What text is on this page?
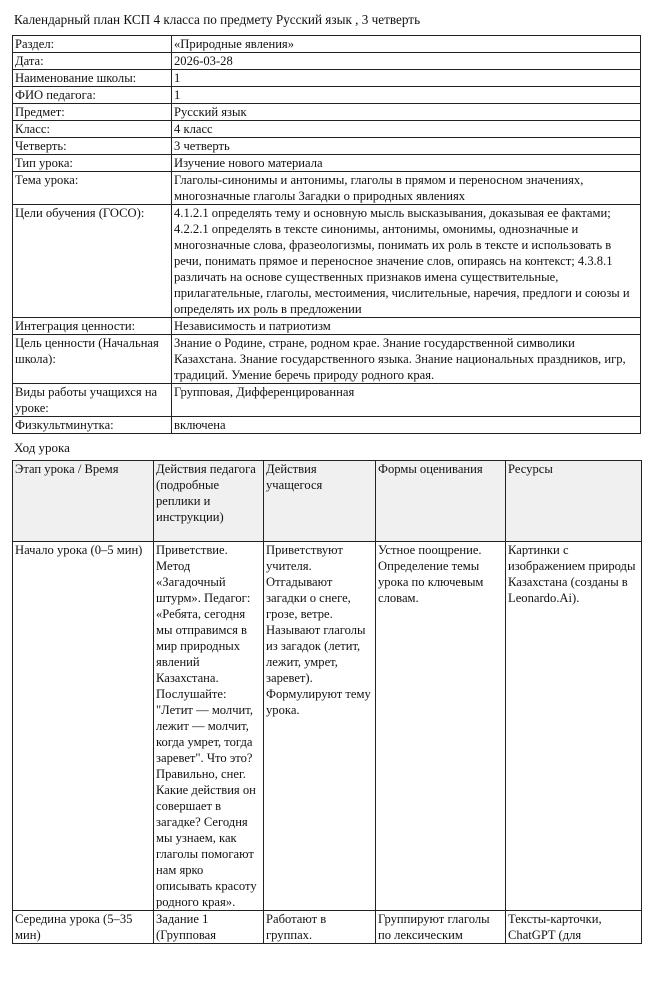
Календарный план КСП 4 класса по предмету Русский язык , 3 четверть
Раздел:	«Природные явления»
Дата:	2026-03-28
Наименование школы:	1
ФИО педагога:	1
Предмет:	Русский язык
Класс:	4 класс
Четверть:	3 четверть
Тип урока:	Изучение нового материала
Тема урока:	Глаголы-синонимы и антонимы, глаголы в прямом и переносном значениях, многозначные глаголы Загадки о природных явлениях
Цели обучения (ГОСО):	4.1.2.1 определять тему и основную мысль высказывания, доказывая ее фактами; 4.2.2.1 определять в тексте синонимы, антонимы, омонимы, однозначные и многозначные слова, фразеологизмы, понимать их роль в тексте и использовать в речи, понимать прямое и переносное значение слов, опираясь на контекст; 4.3.8.1 различать на основе существенных признаков имена существительные, прилагательные, глаголы, местоимения, числительные, наречия, предлоги и союзы и определять их роль в предложении
Интеграция ценности:	Независимость и патриотизм
Цель ценности (Начальная школа):	Знание о Родине, стране, родном крае. Знание государственной символики Казахстана. Знание государственного языка. Знание национальных праздников, игр, традиций. Умение беречь природу родного края.
Виды работы учащихся на уроке:	Групповая, Дифференцированная
Физкультминутка:	включена
Ход урока
Этап урока / Время	Действия педагога (подробные реплики и инструкции)	Действия учащегося	Формы оценивания	Ресурсы
Начало урока (0–5 мин)	Приветствие. Метод «Загадочный штурм». Педагог: «Ребята, сегодня мы отправимся в мир природных явлений Казахстана. Послушайте: "Летит — молчит, лежит — молчит, когда умрет, тогда заревет". Что это? Правильно, снег. Какие действия он совершает в загадке? Сегодня мы узнаем, как глаголы помогают нам ярко описывать красоту родного края».	Приветствуют учителя. Отгадывают загадки о снеге, грозе, ветре. Называют глаголы из загадок (летит, лежит, умрет, заревет). Формулируют тему урока.	Устное поощрение. Определение темы урока по ключевым словам.	Картинки с изображением природы Казахстана (созданы в Leonardo.Ai).
Середина урока (5–35 мин)	Задание 1 (Групповая	Работают в группах.	Группируют глаголы по лексическим	Тексты-карточки, ChatGPT (для
